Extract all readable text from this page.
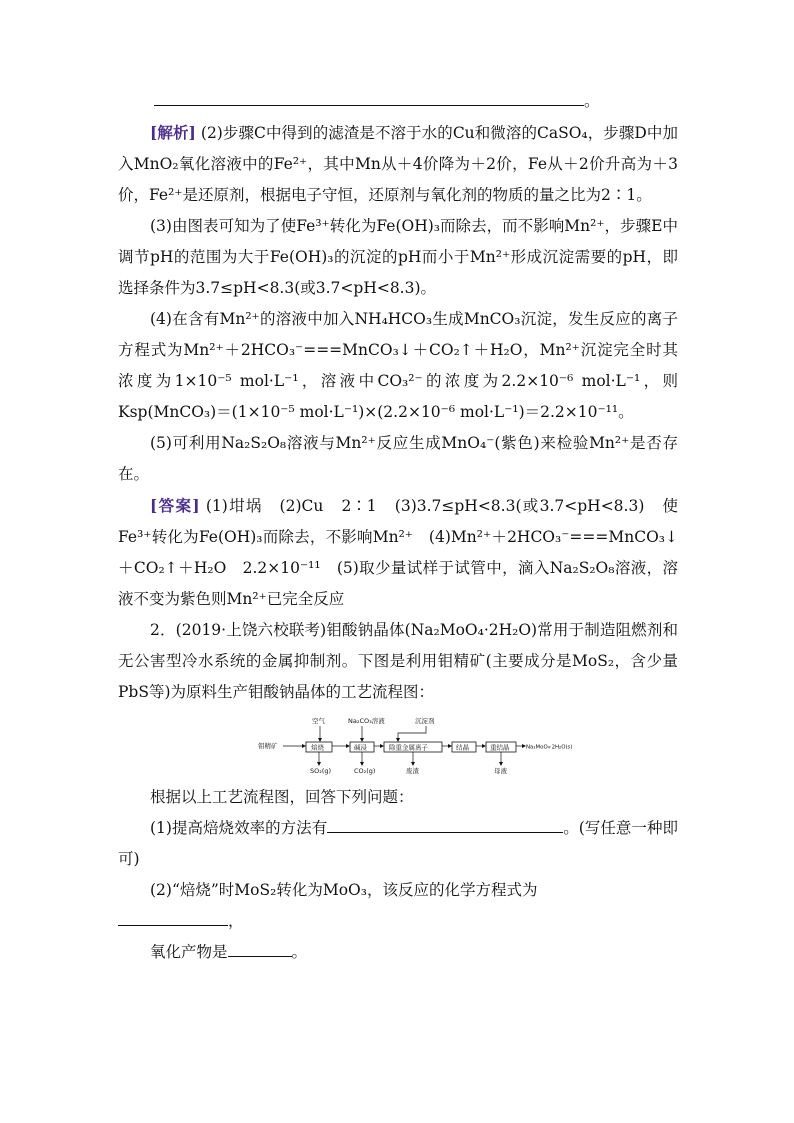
。

[解析] (2)步骤C中得到的滤渣是不溶于水的Cu和微溶的CaSO₄，步骤D中加入MnO₂氧化溶液中的Fe²⁺，其中Mn从＋4价降为＋2价，Fe从＋2价升高为＋3价，Fe²⁺是还原剂，根据电子守恒，还原剂与氧化剂的物质的量之比为2∶1。

(3)由图表可知为了使Fe³⁺转化为Fe(OH)₃而除去，而不影响Mn²⁺，步骤E中调节pH的范围为大于Fe(OH)₃的沉淀的pH而小于Mn²⁺形成沉淀需要的pH，即选择条件为3.7≤pH<8.3(或3.7<pH<8.3)。

(4)在含有Mn²⁺的溶液中加入NH₄HCO₃生成MnCO₃沉淀，发生反应的离子方程式为Mn²⁺＋2HCO₃⁻===MnCO₃↓＋CO₂↑＋H₂O，Mn²⁺沉淀完全时其浓度为1×10⁻⁵ mol·L⁻¹，溶液中CO₃²⁻的浓度为2.2×10⁻⁶ mol·L⁻¹，则Ksp(MnCO₃)＝(1×10⁻⁵ mol·L⁻¹)×(2.2×10⁻⁶ mol·L⁻¹)＝2.2×10⁻¹¹。

(5)可利用Na₂S₂O₈溶液与Mn²⁺反应生成MnO₄⁻(紫色)来检验Mn²⁺是否存在。

[答案] (1)坩埚　(2)Cu　2∶1　(3)3.7≤pH<8.3(或3.7<pH<8.3)　使Fe³⁺转化为Fe(OH)₃而除去，不影响Mn²⁺　(4)Mn²⁺＋2HCO₃⁻===MnCO₃↓＋CO₂↑＋H₂O　2.2×10⁻¹¹　(5)取少量试样于试管中，滴入Na₂S₂O₈溶液，溶液不变为紫色则Mn²⁺已完全反应

2．(2019·上饶六校联考)钼酸钠晶体(Na₂MoO₄·2H₂O)常用于制造阻燃剂和无公害型冷水系统的金属抑制剂。下图是利用钼精矿(主要成分是MoS₂，含少量PbS等)为原料生产钼酸钠晶体的工艺流程图：

空气	Na₂CO₃溶液	沉淀剂
钼精矿	焙烧	碱浸	除重金属离子	结晶	重结晶	Na₂MoO₄·2H₂O(s)
SO₂(g)	CO₂(g)	废渣	母液

根据以上工艺流程图，回答下列问题：

(1)提高焙烧效率的方法有	。(写任意一种即可)

(2)“焙烧”时MoS₂转化为MoO₃，该反应的化学方程式为
，

氧化产物是	。
